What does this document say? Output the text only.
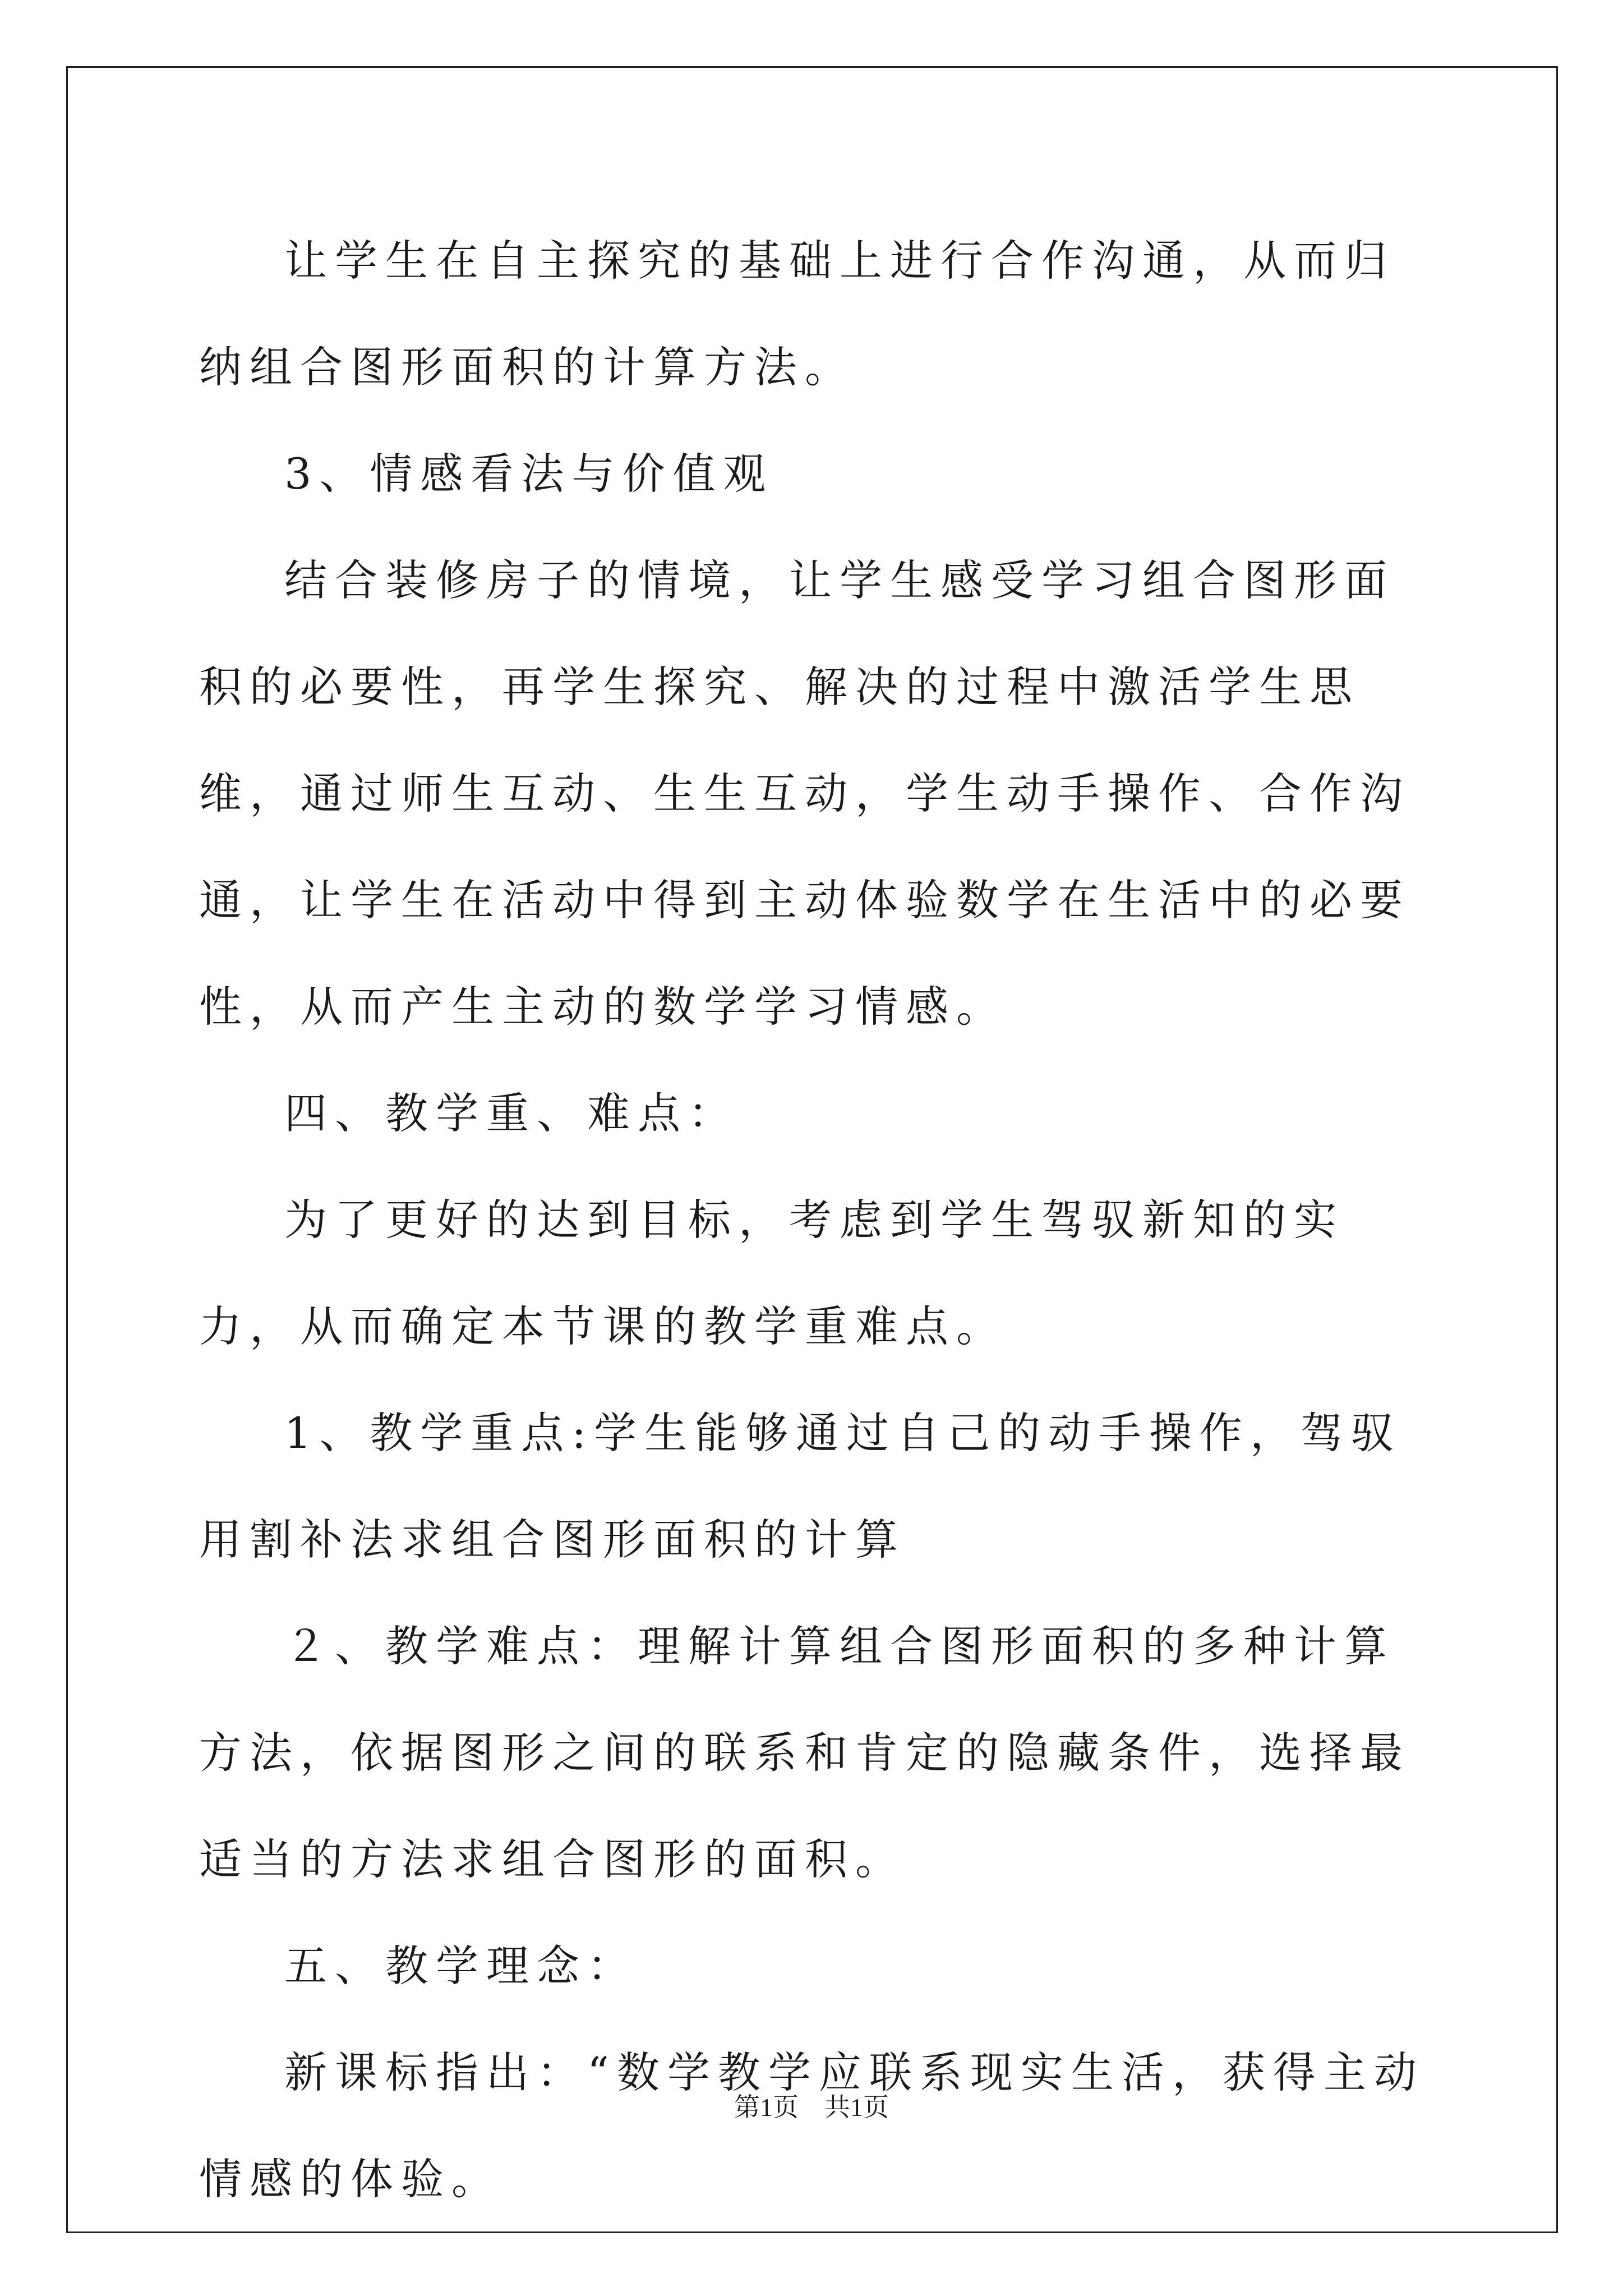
让学生在自主探究的基础上进行合作沟通，从而归纳组合图形面积的计算方法。

3、情感看法与价值观

结合装修房子的情境，让学生感受学习组合图形面积的必要性，再学生探究、解决的过程中激活学生思维，通过师生互动、生生互动，学生动手操作、合作沟通，让学生在活动中得到主动体验数学在生活中的必要性，从而产生主动的数学学习情感。

四、教学重、难点：

为了更好的达到目标，考虑到学生驾驭新知的实力，从而确定本节课的教学重难点。

1、教学重点:学生能够通过自己的动手操作，驾驭用割补法求组合图形面积的计算

２、教学难点：理解计算组合图形面积的多种计算方法，依据图形之间的联系和肯定的隐藏条件，选择最适当的方法求组合图形的面积。

五、教学理念：

新课标指出：“数学教学应联系现实生活，获得主动情感的体验。

第1页　共1页
